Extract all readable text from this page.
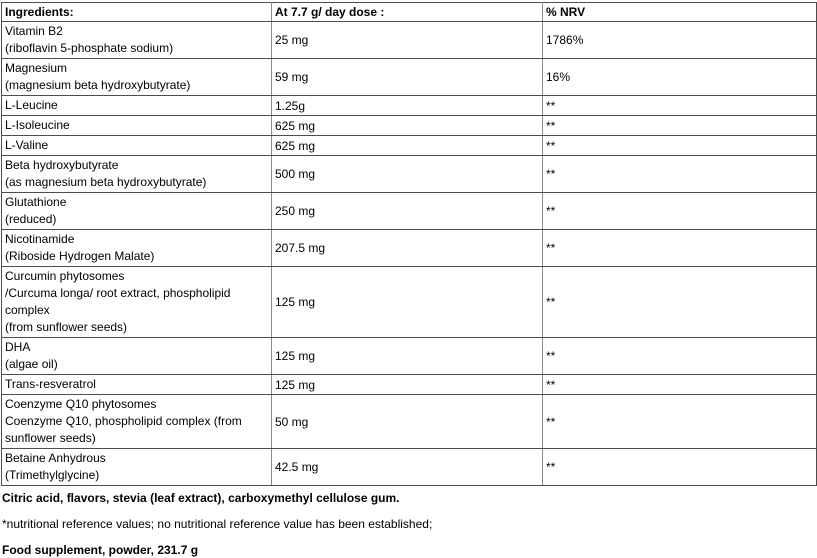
Ingredients:	At 7.7 g/ day dose :	% NRV

Vitamin B2
(riboflavin 5-phosphate sodium)	25 mg	1786%

Magnesium
(magnesium beta hydroxybutyrate)	59 mg	16%

L-Leucine	1.25g	**

L-Isoleucine	625 mg	**

L-Valine	625 mg	**

Beta hydroxybutyrate
(as magnesium beta hydroxybutyrate)	500 mg	**

Glutathione
(reduced)	250 mg	**

Nicotinamide
(Riboside Hydrogen Malate)	207.5 mg	**

Curcumin phytosomes
/Curcuma longa/ root extract, phospholipid complex
(from sunflower seeds)	125 mg	**

DHA
(algae oil)	125 mg	**

Trans-resveratrol	125 mg	**

Coenzyme Q10 phytosomes
Coenzyme Q10, phospholipid complex (from
sunflower seeds)	50 mg	**

Betaine Anhydrous
(Trimethylglycine)	42.5 mg	**

Citric acid, flavors, stevia (leaf extract), carboxymethyl cellulose gum.

*nutritional reference values; no nutritional reference value has been established;

Food supplement, powder, 231.7 g
